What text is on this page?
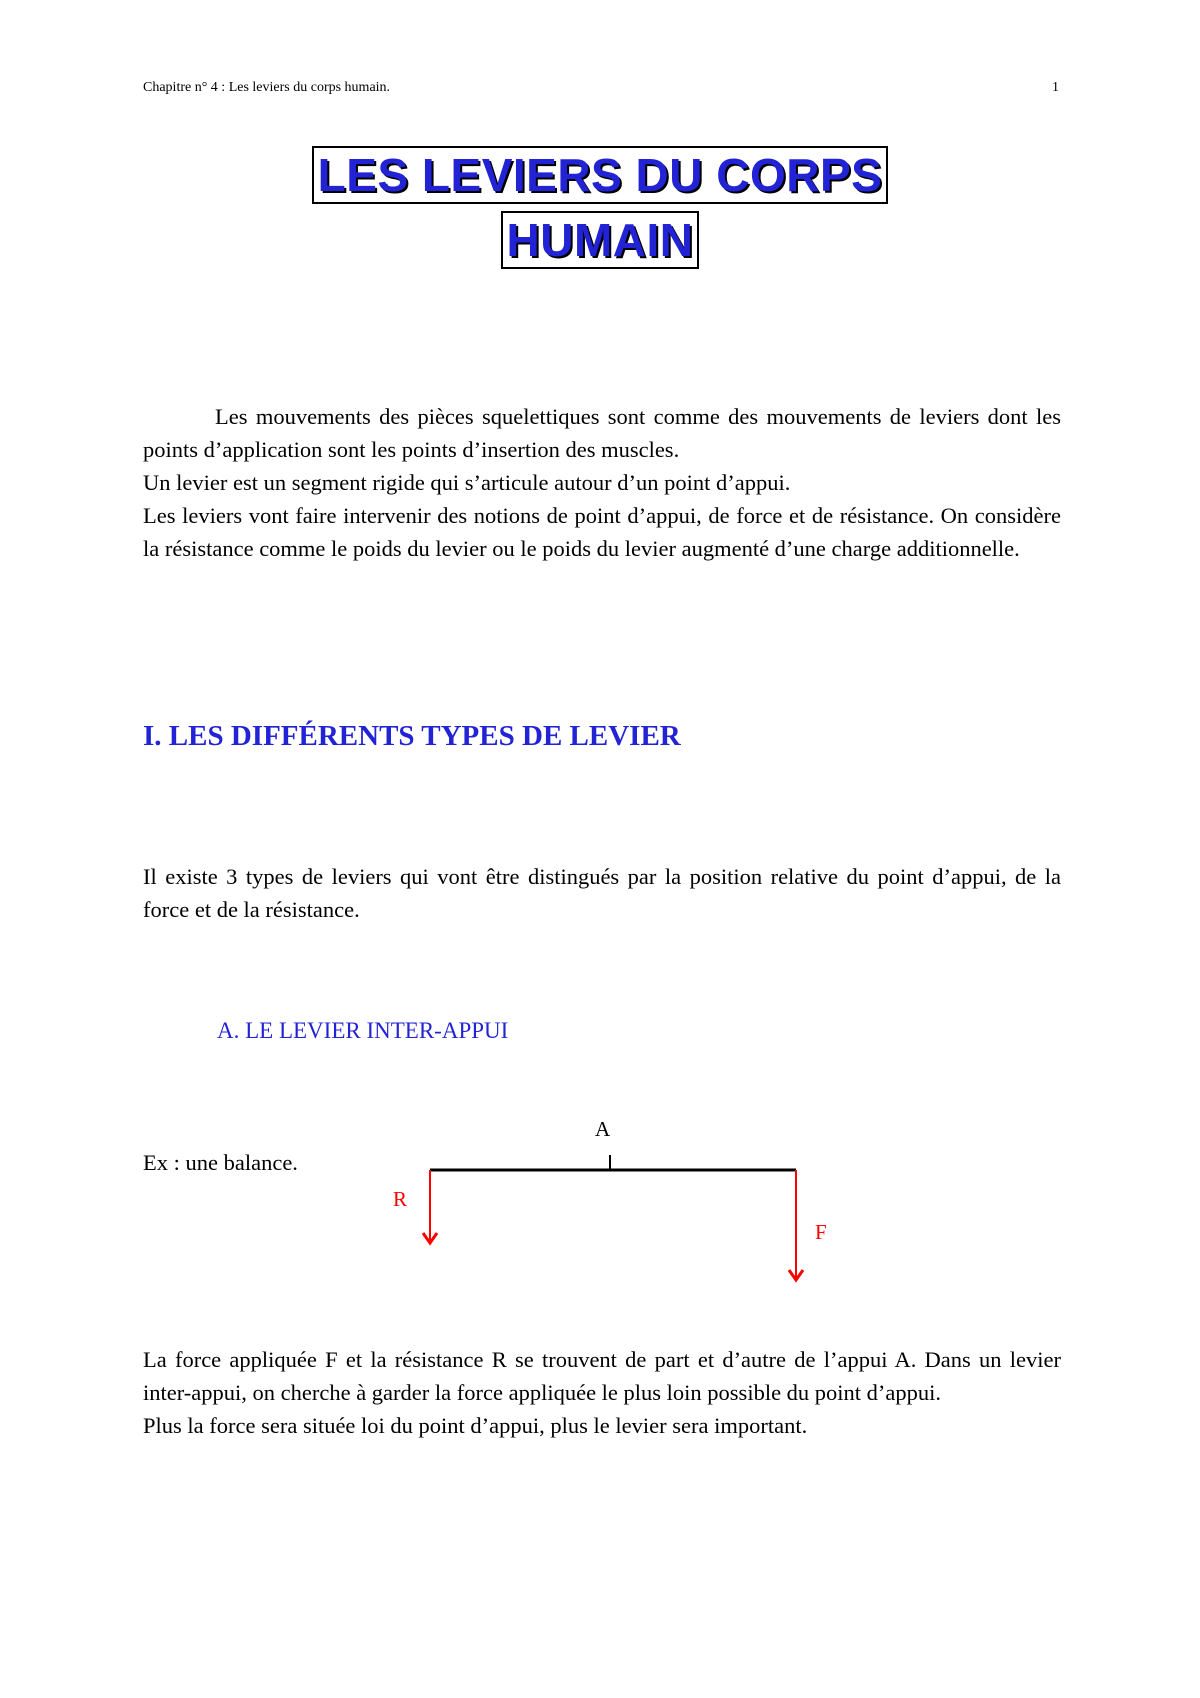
Chapitre n° 4 : Les leviers du corps humain.	1
LES LEVIERS DU CORPS
HUMAIN

Les mouvements des pièces squelettiques sont comme des mouvements de leviers dont les points d’application sont les points d’insertion des muscles.

Un levier est un segment rigide qui s’articule autour d’un point d’appui.

Les leviers vont faire intervenir des notions de point d’appui, de force et de résistance. On considère la résistance comme le poids du levier ou le poids du levier augmenté d’une charge additionnelle.

I. LES DIFFÉRENTS TYPES DE LEVIER

Il existe 3 types de leviers qui vont être distingués par la position relative du point d’appui, de la force et de la résistance.

A. LE LEVIER INTER-APPUI
Ex : une balance.
A
R
F

La force appliquée F et la résistance R se trouvent de part et d’autre de l’appui A. Dans un levier inter-appui, on cherche à garder la force appliquée le plus loin possible du point d’appui.

Plus la force sera située loi du point d’appui, plus le levier sera important.
